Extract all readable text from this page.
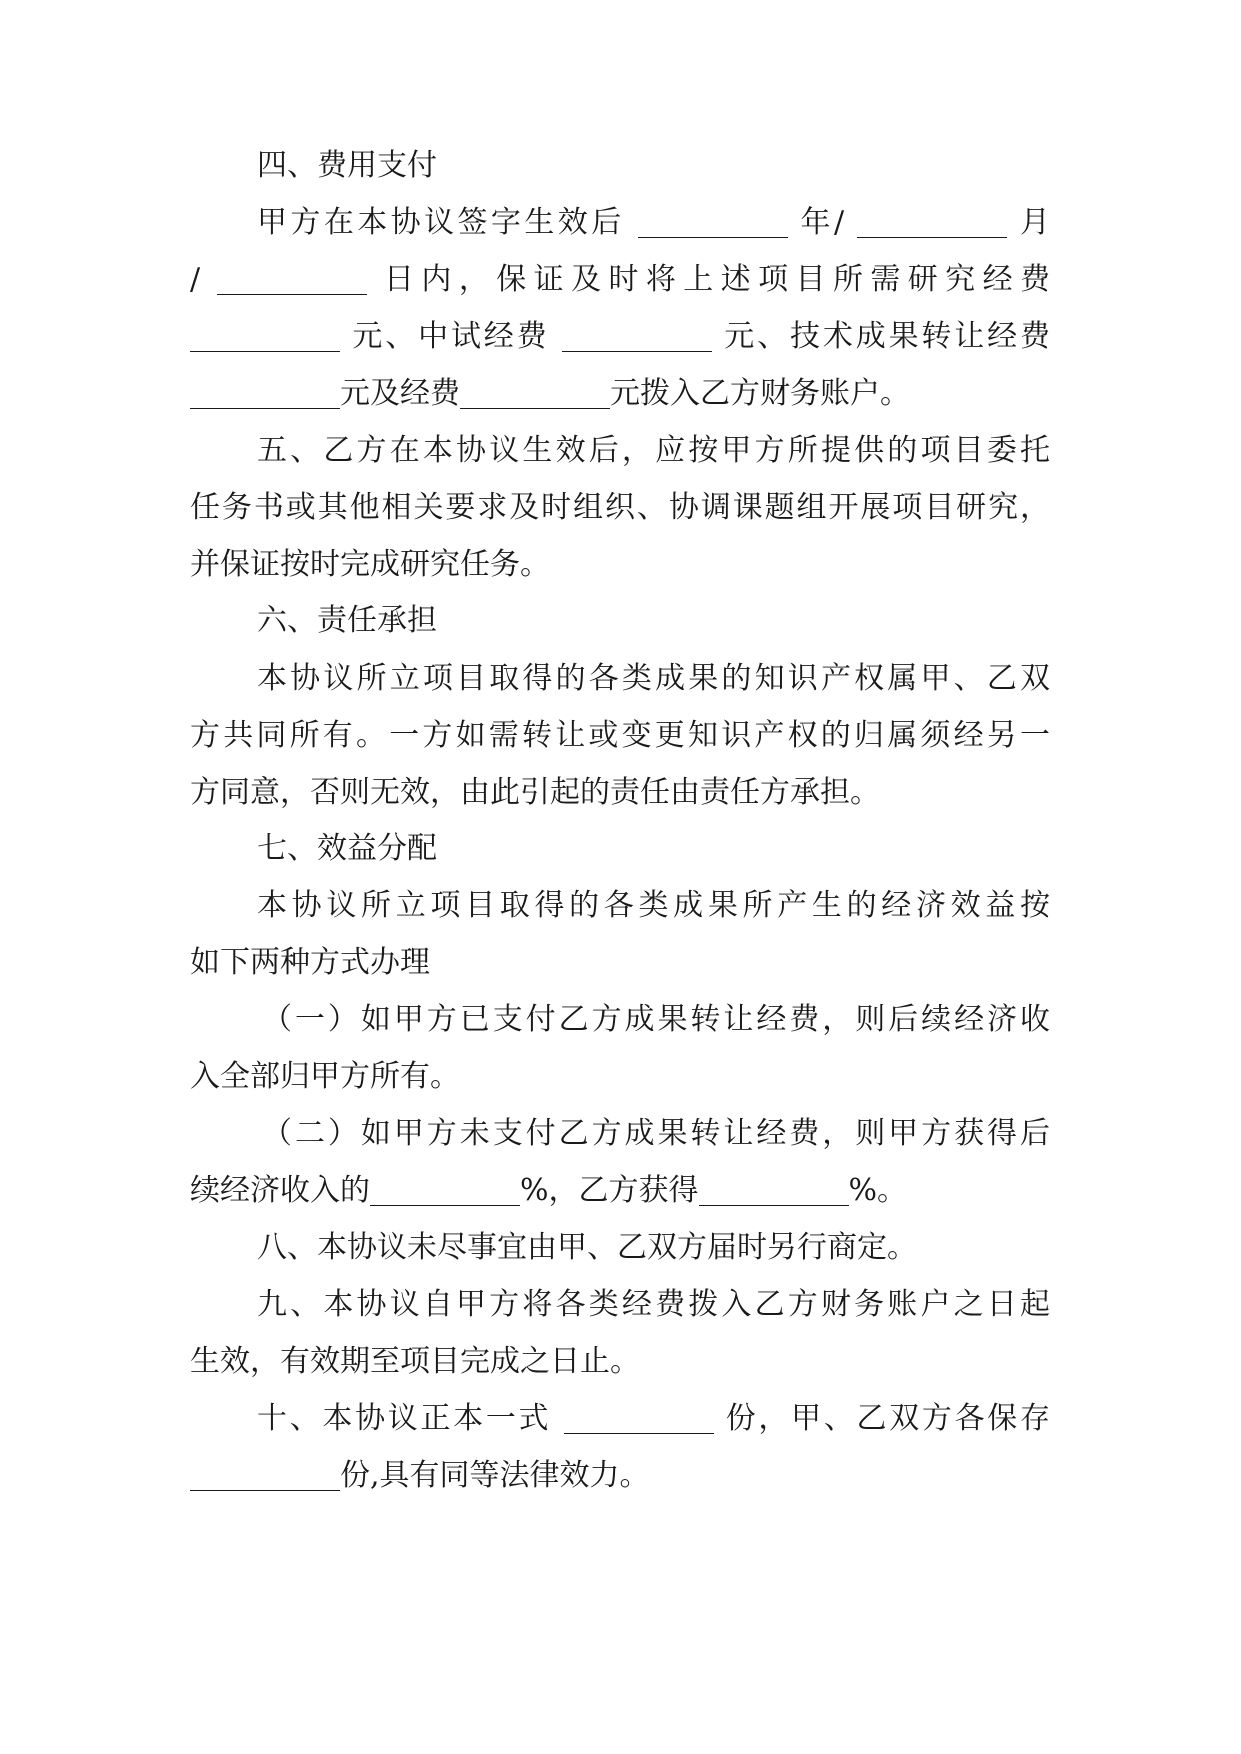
四、费用支付
甲方在本协议签字生效后	年/	月
/	日内，保证及时将上述项目所需研究经费
元、中试经费	元、技术成果转让经费
元及经费	元拨入乙方财务账户。
五、乙方在本协议生效后，应按甲方所提供的项目委托
任务书或其他相关要求及时组织、协调课题组开展项目研究，
并保证按时完成研究任务。
六、责任承担
本协议所立项目取得的各类成果的知识产权属甲、乙双
方共同所有。一方如需转让或变更知识产权的归属须经另一
方同意，否则无效，由此引起的责任由责任方承担。
七、效益分配
本协议所立项目取得的各类成果所产生的经济效益按
如下两种方式办理
（一）如甲方已支付乙方成果转让经费，则后续经济收
入全部归甲方所有。
（二）如甲方未支付乙方成果转让经费，则甲方获得后
续经济收入的	%，乙方获得	%。
八、本协议未尽事宜由甲、乙双方届时另行商定。
九、本协议自甲方将各类经费拨入乙方财务账户之日起
生效，有效期至项目完成之日止。
十、本协议正本一式	份，甲、乙双方各保存
份,具有同等法律效力。
